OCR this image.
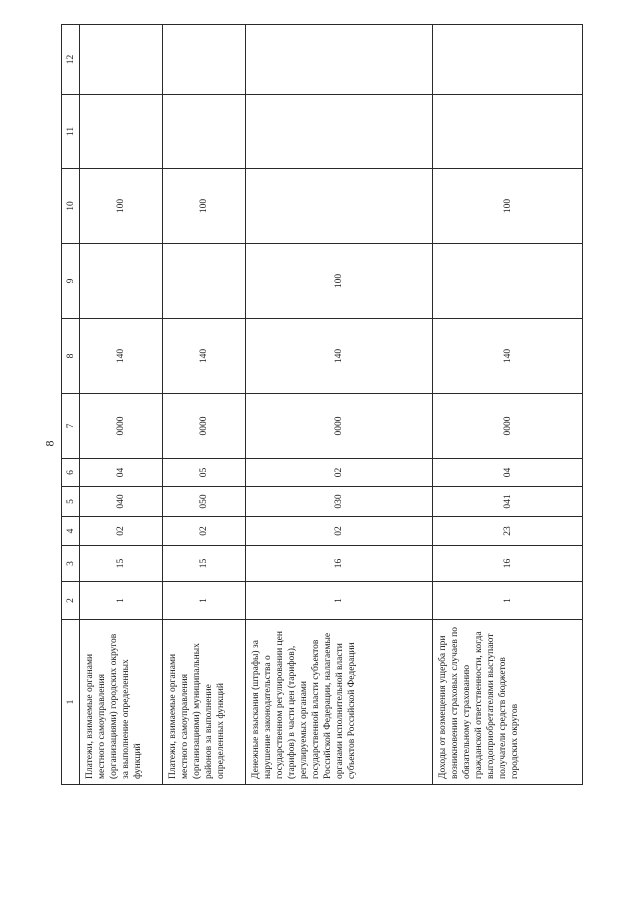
8
1	2	3	4	5	6	7	8	9	10	11	12
Платежи, взимаемые органами местного самоуправления (организациями) городских округов за выполнение определенных функций	1	15	02	040	04	0000	140		100		
Платежи, взимаемые органами местного самоуправления (организациями) муниципальных районов за выполнение определенных функций	1	15	02	050	05	0000	140		100		
Денежные взыскания (штрафы) за нарушение законодательства о государственном регулировании цен (тарифов) в части цен (тарифов), регулируемых органами государственной власти субъектов Российской Федерации, налагаемые органами исполнительной власти субъектов Российской Федерации	1	16	02	030	02	0000	140	100			
Доходы от возмещения ущерба при возникновении страховых случаев по обязательному страхованию гражданской ответственности, когда выгодоприобретателями выступают получатели средств бюджетов городских округов	1	16	23	041	04	0000	140		100		
